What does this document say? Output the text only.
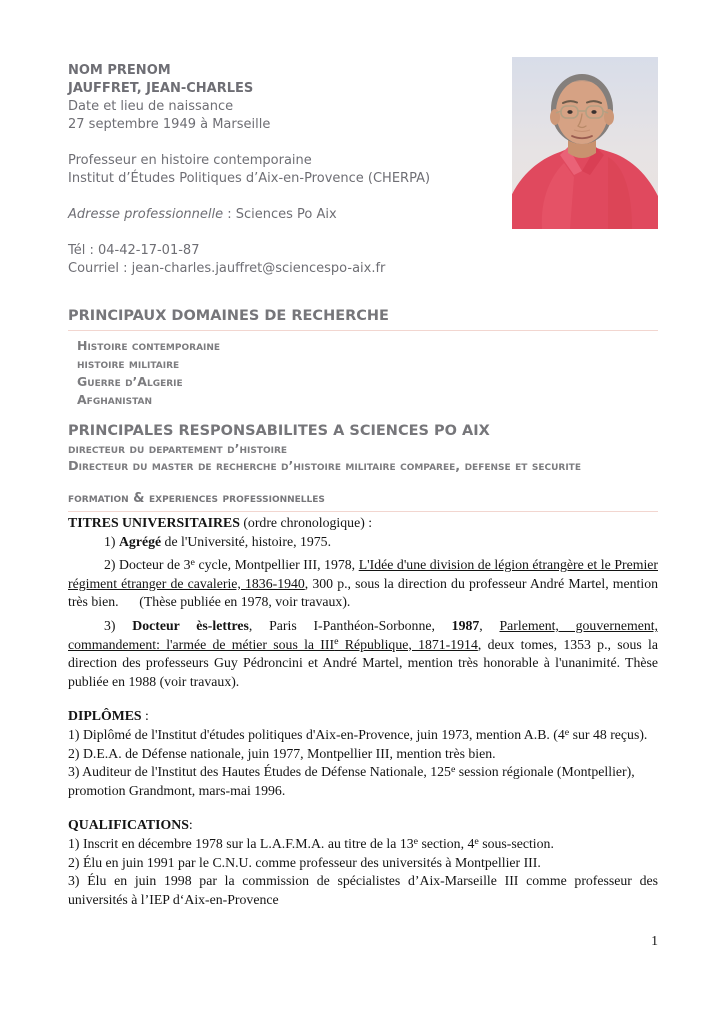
NOM PRENOM
JAUFFRET, JEAN-CHARLES
Date et lieu de naissance
27 septembre 1949 à Marseille
Professeur en histoire contemporaine
Institut d’Études Politiques d’Aix-en-Provence (CHERPA)
Adresse professionnelle : Sciences Po Aix
Tél : 04-42-17-01-87
Courriel : jean-charles.jauffret@sciencespo-aix.fr
PRINCIPAUX DOMAINES DE RECHERCHE
Histoire contemporaine
histoire militaire
Guerre d’Algerie
Afghanistan
PRINCIPALES RESPONSABILITES A SCIENCES PO AIX
directeur du departement d’histoire
Directeur du master de recherche d’histoire militaire comparee, defense et securite
formation & experiences professionnelles

TITRES UNIVERSITAIRES (ordre chronologique) :

1) Agrégé de l'Université, histoire, 1975.

2) Docteur de 3e cycle, Montpellier III, 1978, L'Idée d'une division de légion étrangère et le Premier régiment étranger de cavalerie, 1836-1940, 300 p., sous la direction du professeur André Martel, mention très bien.      (Thèse publiée en 1978, voir travaux).

3) Docteur ès-lettres, Paris I-Panthéon-Sorbonne, 1987, Parlement, gouvernement, commandement: l'armée de métier sous la IIIe République, 1871-1914, deux tomes, 1353 p., sous la direction des professeurs Guy Pédroncini et André Martel, mention très honorable à l'unanimité. Thèse publiée en 1988 (voir travaux).

DIPLÔMES :

1) Diplômé de l'Institut d'études politiques d'Aix-en-Provence, juin 1973, mention A.B. (4e sur 48 reçus).

2) D.E.A. de Défense nationale, juin 1977, Montpellier III, mention très bien.

3) Auditeur de l'Institut des Hautes Études de Défense Nationale, 125e session régionale (Montpellier), promotion Grandmont, mars-mai 1996.

QUALIFICATIONS:

1) Inscrit en décembre 1978 sur la L.A.F.M.A. au titre de la 13e section, 4e sous-section.

2) Élu en juin 1991 par le C.N.U. comme professeur des universités à Montpellier III.

3) Élu en juin 1998 par la commission de spécialistes d’Aix-Marseille III comme professeur des universités à l’IEP d‘Aix-en-Provence

1
